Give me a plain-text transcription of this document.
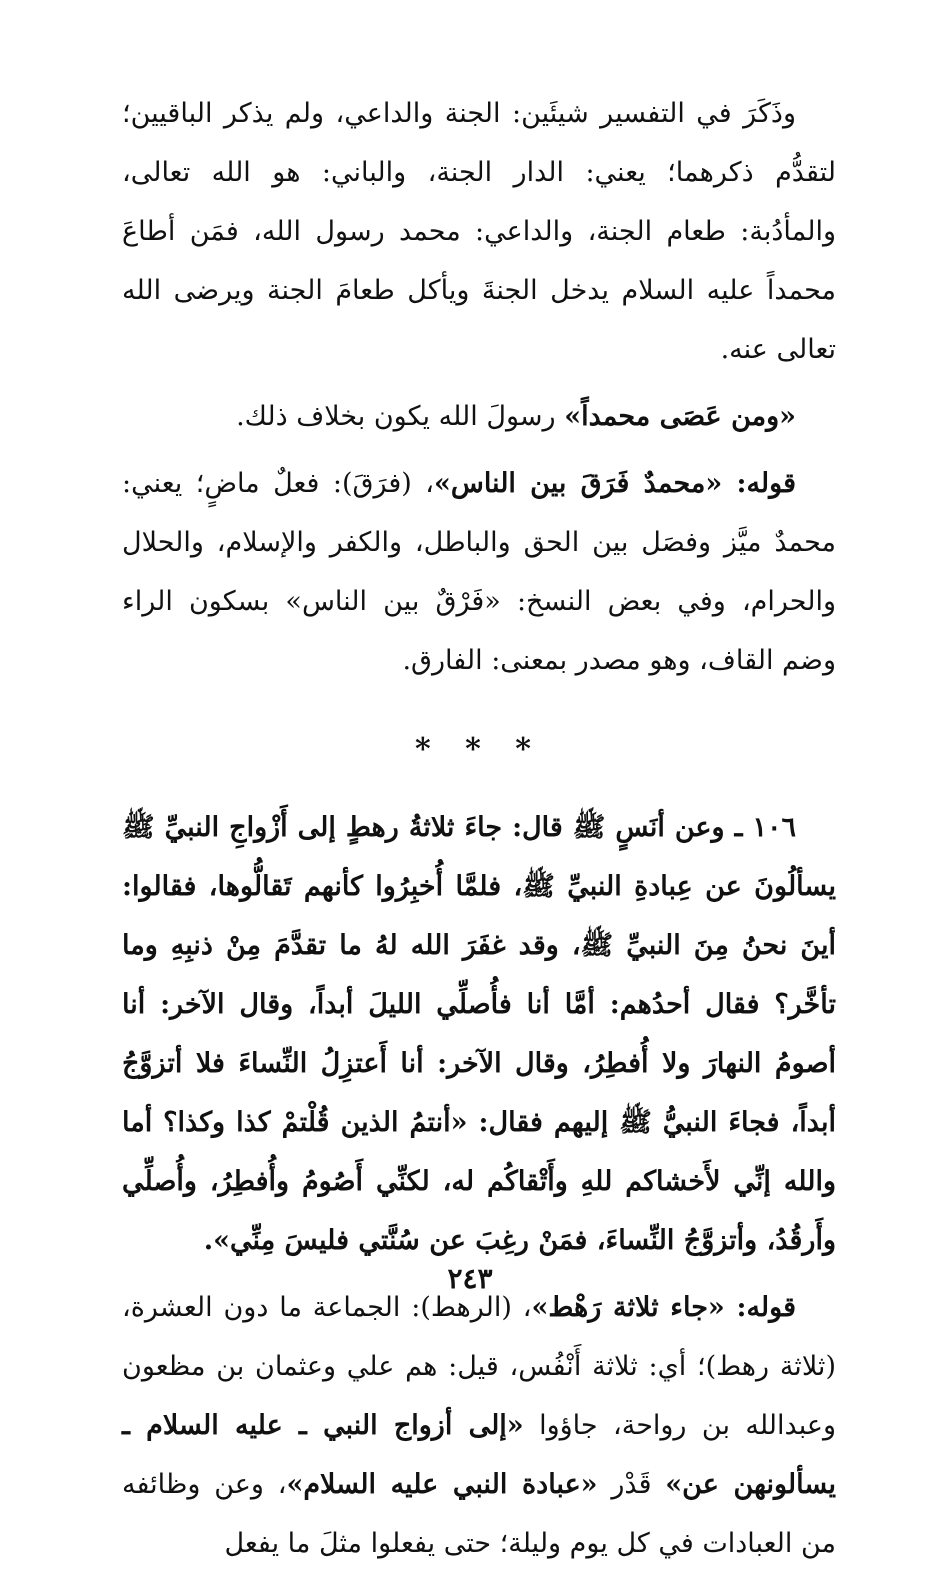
وذَكَرَ في التفسير شيئَين: الجنة والداعي، ولم يذكر الباقيين؛ لتقدُّم ذكرهما؛ يعني: الدار الجنة، والباني: هو الله تعالى، والمأدُبة: طعام الجنة، والداعي: محمد رسول الله، فمَن أطاعَ محمداً عليه السلام يدخل الجنةَ ويأكل طعامَ الجنة ويرضى الله تعالى عنه.

«ومن عَصَى محمداً» رسولَ الله يكون بخلاف ذلك.

قوله: «محمدٌ فَرَقَ بين الناس»، (فرَقَ): فعلٌ ماضٍ؛ يعني: محمدٌ ميَّز وفصَل بين الحق والباطل، والكفر والإسلام، والحلال والحرام، وفي بعض النسخ: «فَرْقٌ بين الناس» بسكون الراء وضم القاف، وهو مصدر بمعنى: الفارق.

* * *

١٠٦ ـ وعن أنَسٍ ﷺ قال: جاءَ ثلاثةُ رهطٍ إلى أَزْواجِ النبيِّ ﷺ يسألُونَ عن عِبادةِ النبيِّ ﷺ، فلمَّا أُخبِرُوا كأنهم تَقالُّوها، فقالوا: أينَ نحنُ مِنَ النبيِّ ﷺ، وقد غفَرَ الله لهُ ما تقدَّمَ مِنْ ذنبِهِ وما تأخَّر؟ فقال أحدُهم: أمَّا أنا فأُصلِّي الليلَ أبداً، وقال الآخر: أنا أصومُ النهارَ ولا أُفطِرُ، وقال الآخر: أنا أَعتزِلُ النِّساءَ فلا أتزوَّجُ أبداً، فجاءَ النبيُّ ﷺ إليهم فقال: «أنتمُ الذين قُلْتمْ كذا وكذا؟ أما والله إنِّي لأَخشاكم للهِ وأَتْقاكُم له، لكنِّي أَصُومُ وأُفطِرُ، وأُصلِّي وأَرقُدُ، وأتزوَّجُ النِّساءَ، فمَنْ رغِبَ عن سُنَّتي فليسَ مِنِّي».

قوله: «جاء ثلاثة رَهْط»، (الرهط): الجماعة ما دون العشرة، (ثلاثة رهط)؛ أي: ثلاثة أَنْفُس، قيل: هم علي وعثمان بن مظعون وعبدالله بن رواحة، جاؤوا «إلى أزواج النبي ـ عليه السلام ـ يسألونهن عن» قَدْر «عبادة النبي عليه السلام»، وعن وظائفه من العبادات في كل يوم وليلة؛ حتى يفعلوا مثلَ ما يفعل

٢٤٣
